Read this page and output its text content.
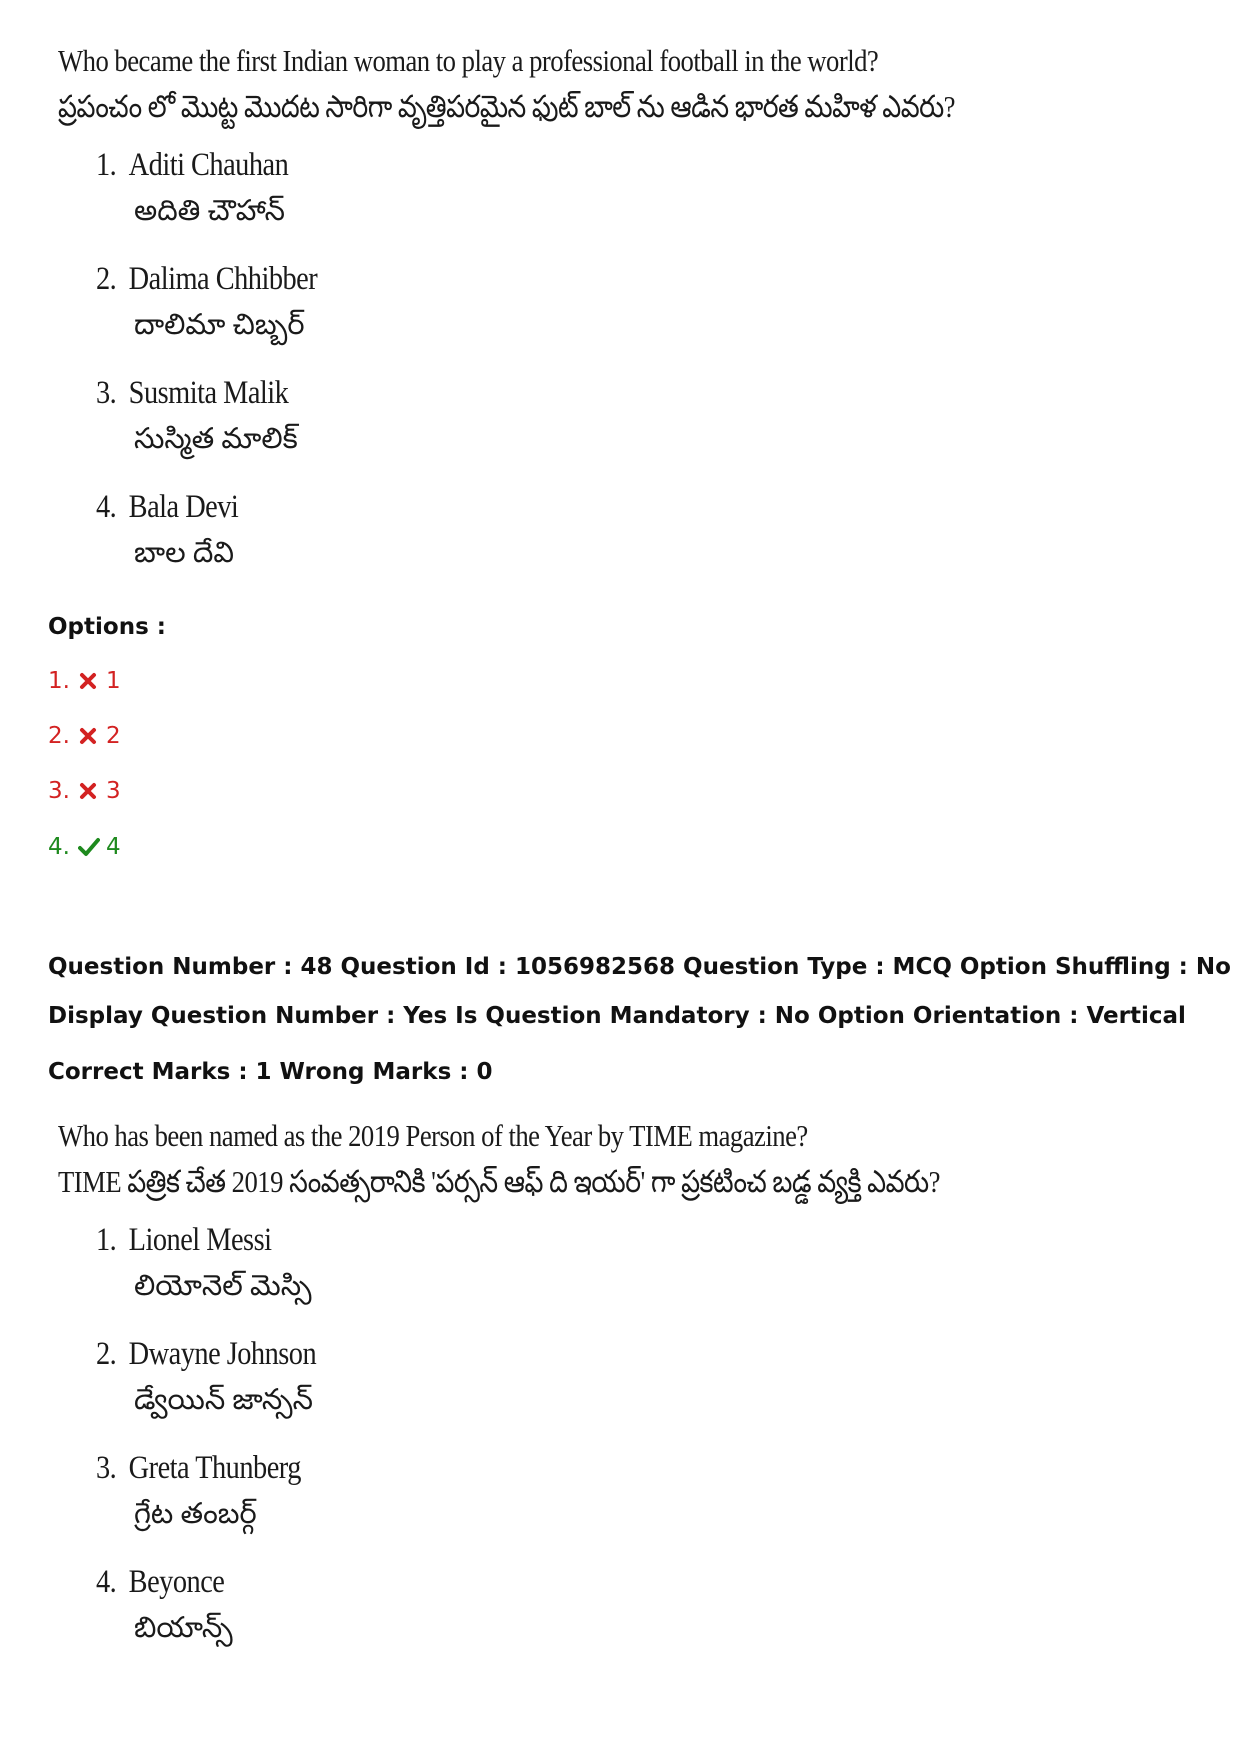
Who became the first Indian woman to play a professional football in the world?
ప్రపంచం లో మొట్ట మొదట సారిగా వృత్తిపరమైన ఫుట్ బాల్ ను ఆడిన భారత మహిళ ఎవరు?
1. Aditi Chauhan
అదితి చౌహాన్
2. Dalima Chhibber
దాలిమా చిబ్బర్
3. Susmita Malik
సుస్మిత మాలిక్
4. Bala Devi
బాల దేవి
Options :
1. 1
2. 2
3. 3
4. 4
Question Number : 48 Question Id : 1056982568 Question Type : MCQ Option Shuffling : No
Display Question Number : Yes Is Question Mandatory : No Option Orientation : Vertical
Correct Marks : 1 Wrong Marks : 0
Who has been named as the 2019 Person of the Year by TIME magazine?
TIME పత్రిక చేత 2019 సంవత్సరానికి 'పర్సన్ ఆఫ్ ది ఇయర్' గా ప్రకటించ బడ్డ వ్యక్తి ఎవరు?
1. Lionel Messi
లియోనెల్ మెస్సి
2. Dwayne Johnson
డ్వేయిన్ జాన్సన్
3. Greta Thunberg
గ్రేట తంబర్గ్
4. Beyonce
బియాన్స్
